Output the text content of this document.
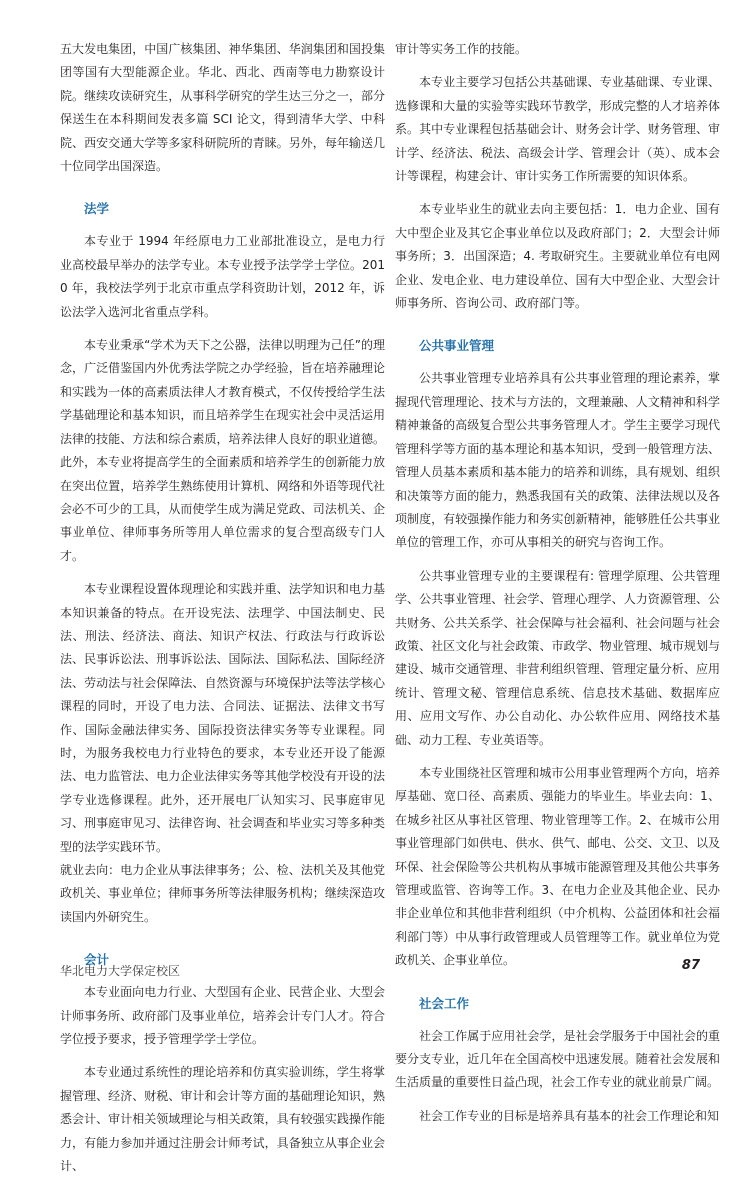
五大发电集团，中国广核集团、神华集团、华润集团和国投集团等国有大型能源企业。华北、西北、西南等电力勘察设计院。继续攻读研究生，从事科学研究的学生达三分之一，部分保送生在本科期间发表多篇 SCI 论文，得到清华大学、中科院、西安交通大学等多家科研院所的青睐。另外，每年输送几十位同学出国深造。

法学

本专业于 1994 年经原电力工业部批准设立，是电力行业高校最早举办的法学专业。本专业授予法学学士学位。2010 年，我校法学列于北京市重点学科资助计划，2012 年，诉讼法学入选河北省重点学科。

本专业秉承“学术为天下之公器，法律以明理为己任”的理念，广泛借鉴国内外优秀法学院之办学经验，旨在培养融理论和实践为一体的高素质法律人才教育模式，不仅传授给学生法学基础理论和基本知识，而且培养学生在现实社会中灵活运用法律的技能、方法和综合素质，培养法律人良好的职业道德。此外，本专业将提高学生的全面素质和培养学生的创新能力放在突出位置，培养学生熟练使用计算机、网络和外语等现代社会必不可少的工具，从而使学生成为满足党政、司法机关、企事业单位、律师事务所等用人单位需求的复合型高级专门人才。

本专业课程设置体现理论和实践并重、法学知识和电力基本知识兼备的特点。在开设宪法、法理学、中国法制史、民法、刑法、经济法、商法、知识产权法、行政法与行政诉讼法、民事诉讼法、刑事诉讼法、国际法、国际私法、国际经济法、劳动法与社会保障法、自然资源与环境保护法等法学核心课程的同时，开设了电力法、合同法、证据法、法律文书写作、国际金融法律实务、国际投资法律实务等专业课程。同时，为服务我校电力行业特色的要求，本专业还开设了能源法、电力监管法、电力企业法律实务等其他学校没有开设的法学专业选修课程。此外，还开展电厂认知实习、民事庭审见习、刑事庭审见习、法律咨询、社会调查和毕业实习等多种类型的法学实践环节。

就业去向：电力企业从事法律事务；公、检、法机关及其他党政机关、事业单位；律师事务所等法律服务机构；继续深造攻读国内外研究生。

会计

本专业面向电力行业、大型国有企业、民营企业、大型会计师事务所、政府部门及事业单位，培养会计专门人才。符合学位授予要求，授予管理学学士学位。

本专业通过系统性的理论培养和仿真实验训练，学生将掌握管理、经济、财税、审计和会计等方面的基础理论知识，熟悉会计、审计相关领域理论与相关政策，具有较强实践操作能力，有能力参加并通过注册会计师考试，具备独立从事企业会计、

审计等实务工作的技能。

本专业主要学习包括公共基础课、专业基础课、专业课、选修课和大量的实验等实践环节教学，形成完整的人才培养体系。其中专业课程包括基础会计、财务会计学、财务管理、审计学、经济法、税法、高级会计学、管理会计（英）、成本会计等课程，构建会计、审计实务工作所需要的知识体系。

本专业毕业生的就业去向主要包括：1．电力企业、国有大中型企业及其它企事业单位以及政府部门；2．大型会计师事务所；3．出国深造；4. 考取研究生。主要就业单位有电网企业、发电企业、电力建设单位、国有大中型企业、大型会计师事务所、咨询公司、政府部门等。

公共事业管理

公共事业管理专业培养具有公共事业管理的理论素养，掌握现代管理理论、技术与方法的，文理兼融、人文精神和科学精神兼备的高级复合型公共事务管理人才。学生主要学习现代管理科学等方面的基本理论和基本知识，受到一般管理方法、管理人员基本素质和基本能力的培养和训练，具有规划、组织和决策等方面的能力，熟悉我国有关的政策、法律法规以及各项制度，有较强操作能力和务实创新精神，能够胜任公共事业单位的管理工作，亦可从事相关的研究与咨询工作。

公共事业管理专业的主要课程有: 管理学原理、公共管理学、公共事业管理、社会学、管理心理学、人力资源管理、公共财务、公共关系学、社会保障与社会福利、社会问题与社会政策、社区文化与社会政策、市政学、物业管理、城市规划与建设、城市交通管理、非营利组织管理、管理定量分析、应用统计、管理文秘、管理信息系统、信息技术基础、数据库应用、应用文写作、办公自动化、办公软件应用、网络技术基础、动力工程、专业英语等。

本专业围绕社区管理和城市公用事业管理两个方向，培养厚基础、宽口径、高素质、强能力的毕业生。毕业去向：1、在城乡社区从事社区管理、物业管理等工作。2、在城市公用事业管理部门如供电、供水、供气、邮电、公交、文卫、以及环保、社会保险等公共机构从事城市能源管理及其他公共事务管理或监管、咨询等工作。3、在电力企业及其他企业、民办非企业单位和其他非营利组织（中介机构、公益团体和社会福利部门等）中从事行政管理或人员管理等工作。就业单位为党政机关、企事业单位。

社会工作

社会工作属于应用社会学，是社会学服务于中国社会的重要分支专业，近几年在全国高校中迅速发展。随着社会发展和生活质量的重要性日益凸现，社会工作专业的就业前景广阔。

社会工作专业的目标是培养具有基本的社会工作理论和知

华北电力大学保定校区	87
